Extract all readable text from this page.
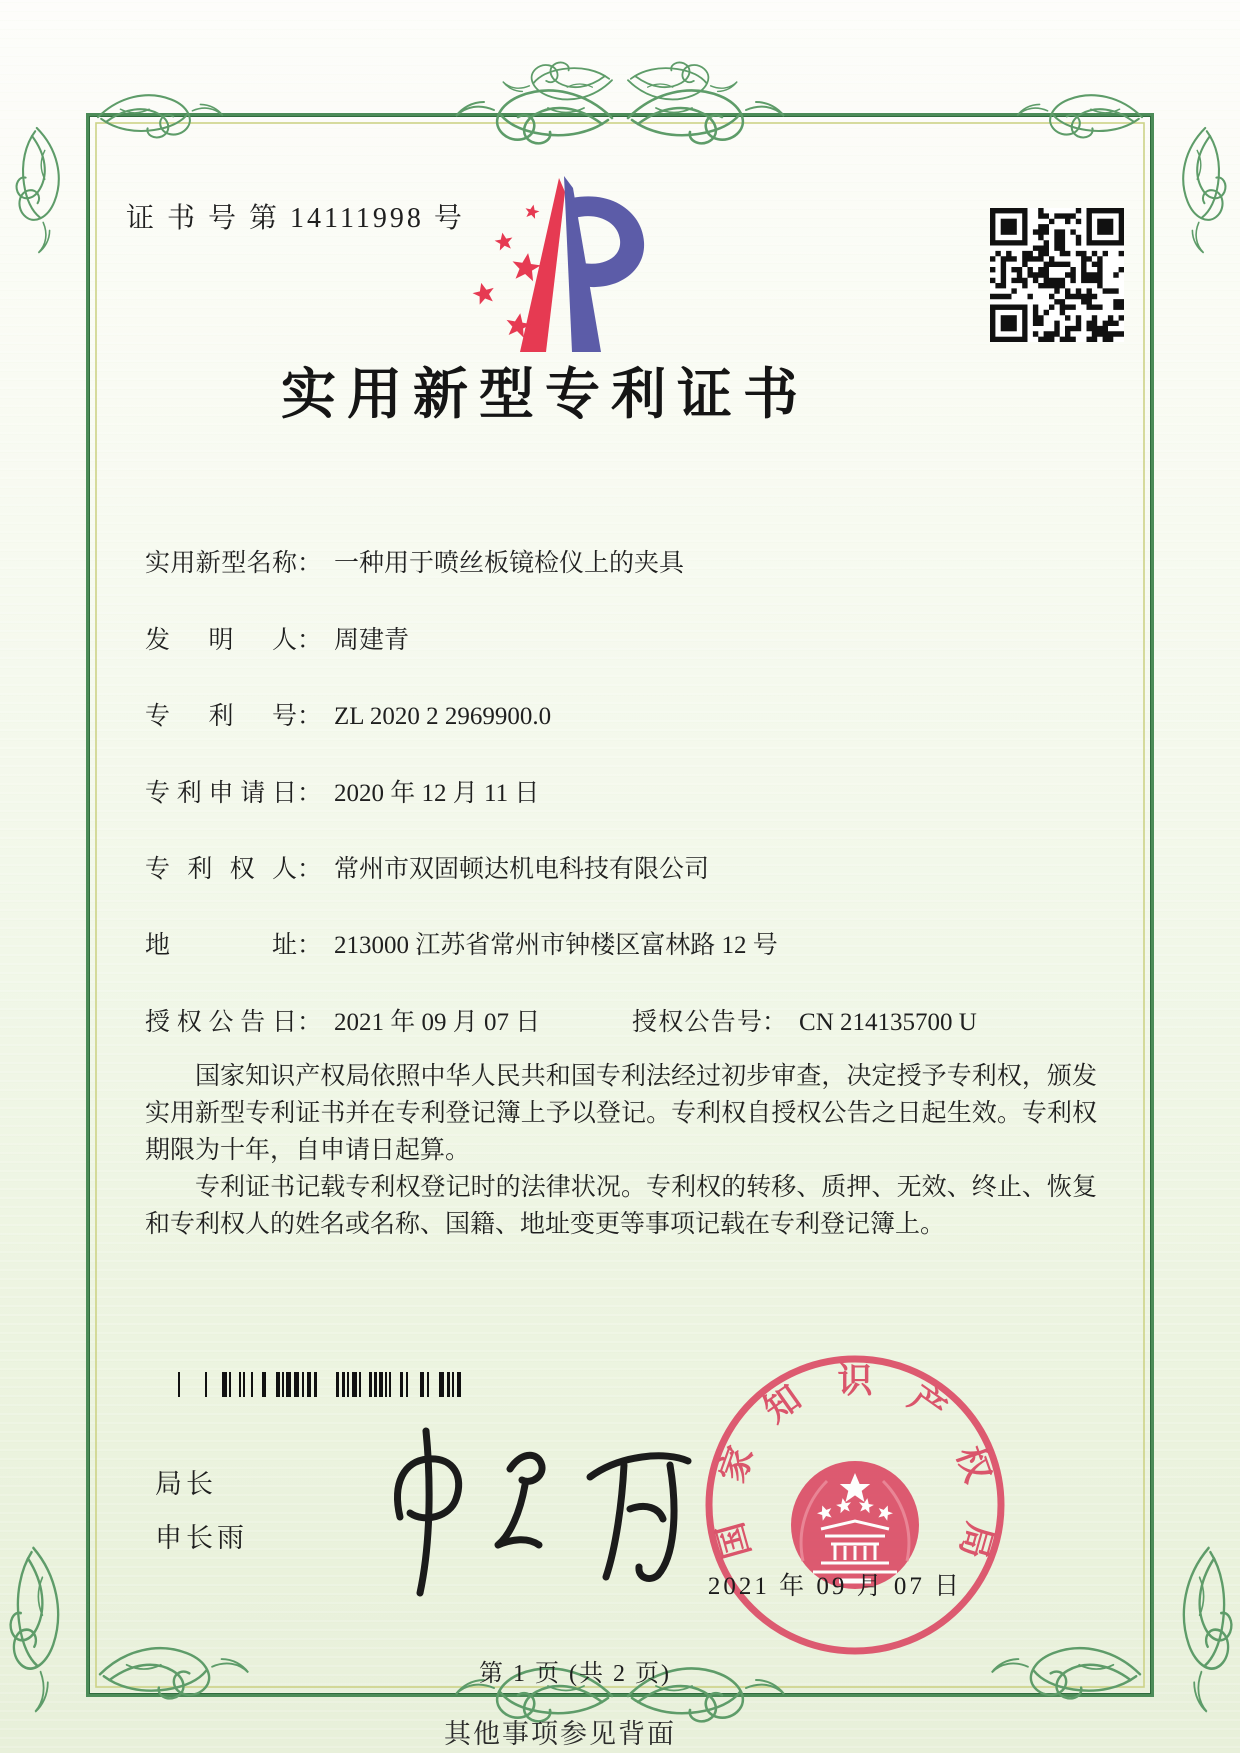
证 书 号 第 14111998 号
实用新型专利证书
实用新型名称： 一种用于喷丝板镜检仪上的夹具
发明人： 周建青
专利号： ZL 2020 2 2969900.0
专利申请日： 2020 年 12 月 11 日
专利权人： 常州市双固顿达机电科技有限公司
地址： 213000 江苏省常州市钟楼区富林路 12 号
授权公告日： 2021 年 09 月 07 日	授权公告号： CN 214135700 U

国家知识产权局依照中华人民共和国专利法经过初步审查，决定授予专利权，颁发实用新型专利证书并在专利登记簿上予以登记。专利权自授权公告之日起生效。专利权期限为十年，自申请日起算。

专利证书记载专利权登记时的法律状况。专利权的转移、质押、无效、终止、恢复和专利权人的姓名或名称、国籍、地址变更等事项记载在专利登记簿上。

局长
申长雨	国家知识产权局
2021 年 09 月 07 日
第 1 页 (共 2 页)
其他事项参见背面
